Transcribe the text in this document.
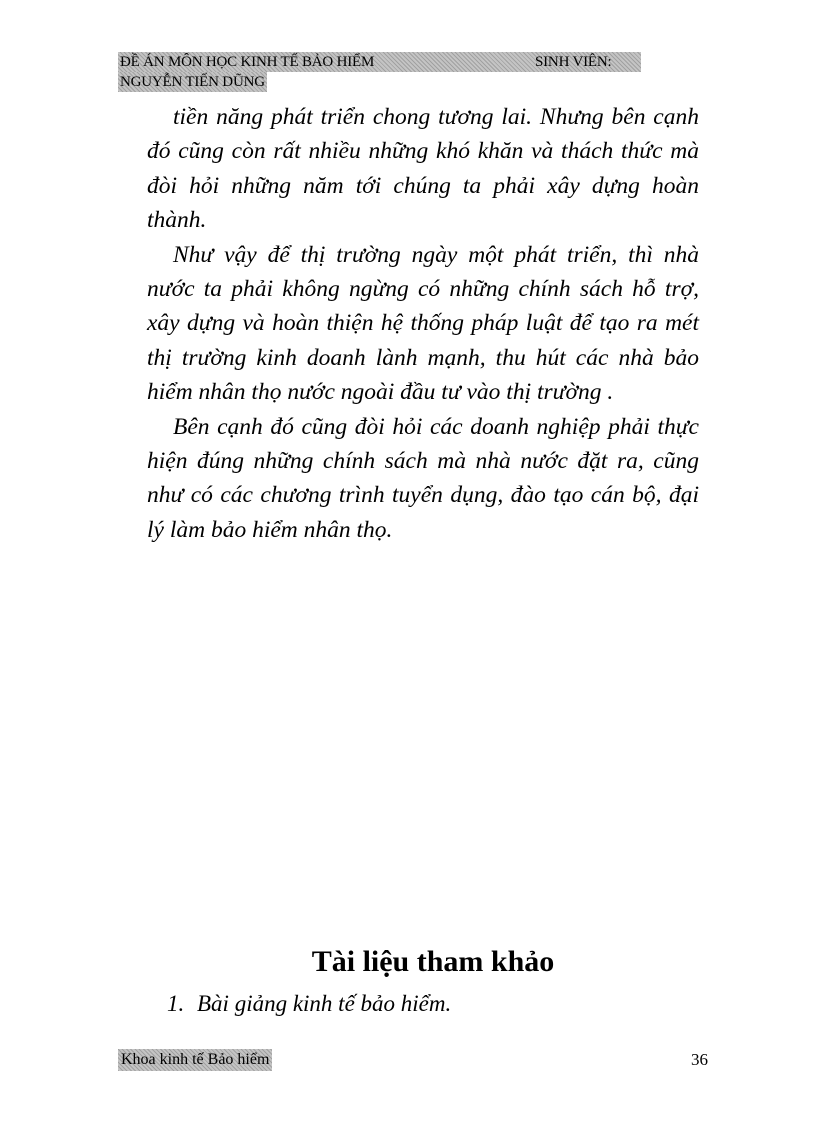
ĐỀ ÁN MÔN HỌC KINH TẾ BẢO HIỂM	SINH VIÊN:
NGUYỄN TIẾN DŨNG

tiền năng phát triển chong tương lai. Nhưng bên cạnh đó cũng còn rất nhiều những khó khăn và thách thức mà đòi hỏi những năm tới chúng ta phải xây dựng hoàn thành.

Như vậy để thị trường ngày một phát triển, thì nhà nước ta phải không ngừng có những chính sách hỗ trợ, xây dựng và hoàn thiện hệ thống pháp luật để tạo ra mét thị trường kinh doanh lành mạnh, thu hút các nhà bảo hiểm nhân thọ nước ngoài đầu tư vào thị trường .

Bên cạnh đó cũng đòi hỏi các doanh nghiệp phải thực hiện đúng những chính sách mà nhà nước đặt ra, cũng như có các chương trình tuyển dụng, đào tạo cán bộ, đại lý làm bảo hiểm nhân thọ.

Tài liệu tham khảo
1. Bài giảng kinh tế bảo hiểm.
Khoa kinh tế Bảo hiểm	36
